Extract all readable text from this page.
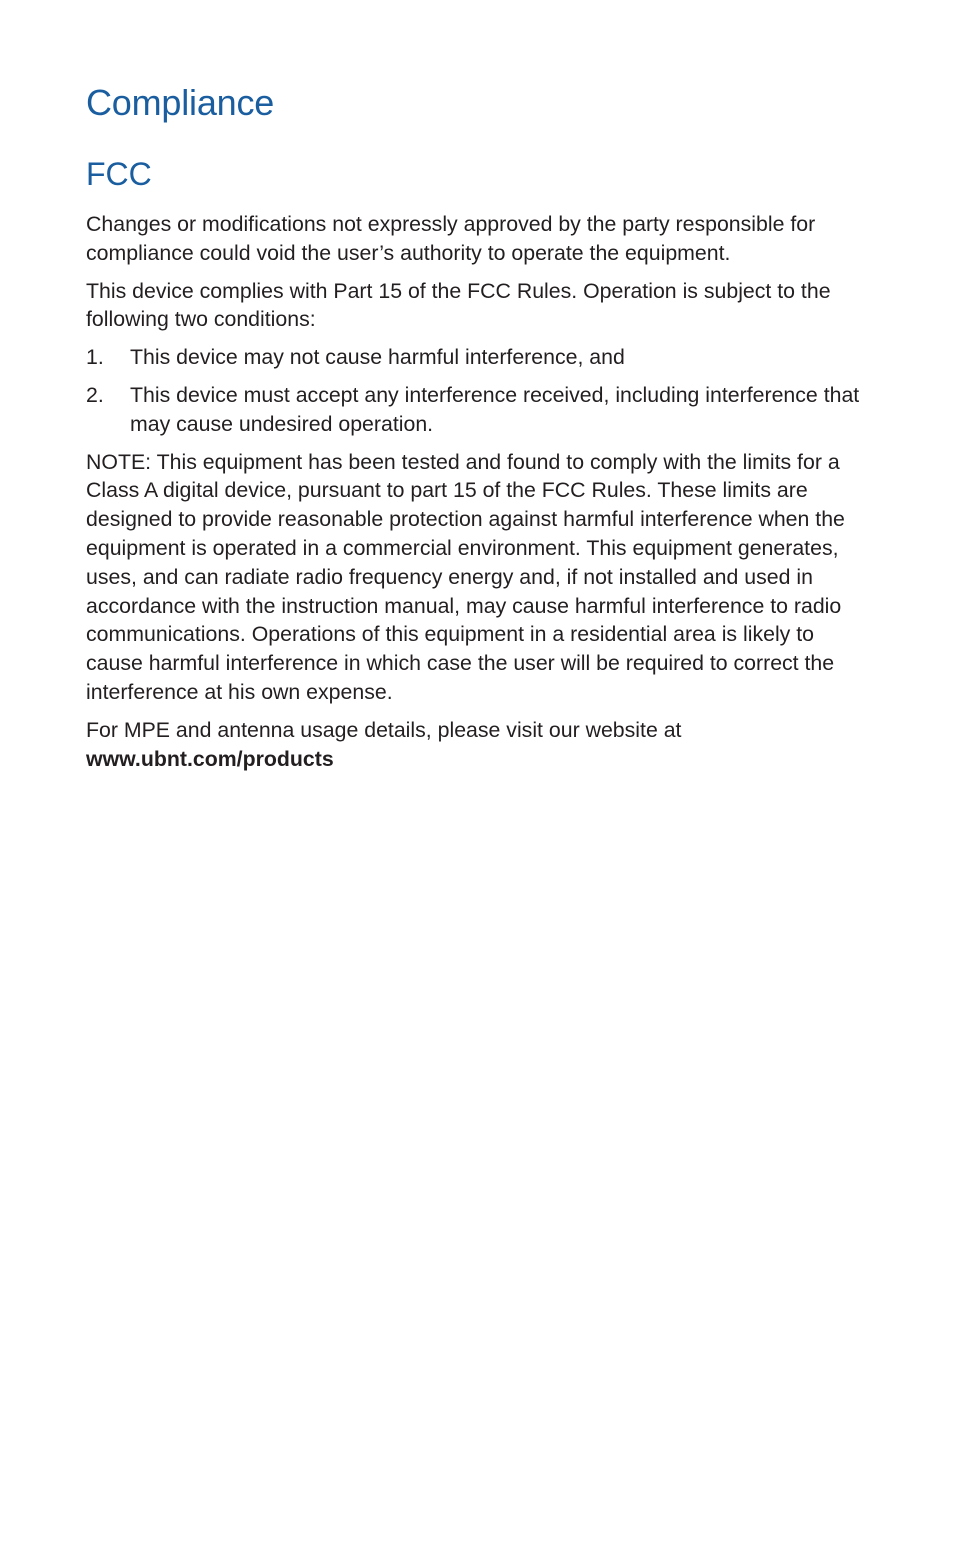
Compliance
FCC

Changes or modifications not expressly approved by the party responsible for compliance could void the user’s authority to operate the equipment.

This device complies with Part 15 of the FCC Rules. Operation is subject to the following two conditions:

1. This device may not cause harmful interference, and
2. This device must accept any interference received, including interference that may cause undesired operation.

NOTE: This equipment has been tested and found to comply with the limits for a Class A digital device, pursuant to part 15 of the FCC Rules. These limits are designed to provide reasonable protection against harmful interference when the equipment is operated in a commercial environment. This equipment generates, uses, and can radiate radio frequency energy and, if not installed and used in accordance with the instruction manual, may cause harmful interference to radio communications. Operations of this equipment in a residential area is likely to cause harmful interference in which case the user will be required to correct the interference at his own expense.

For MPE and antenna usage details, please visit our website at
www.ubnt.com/products
